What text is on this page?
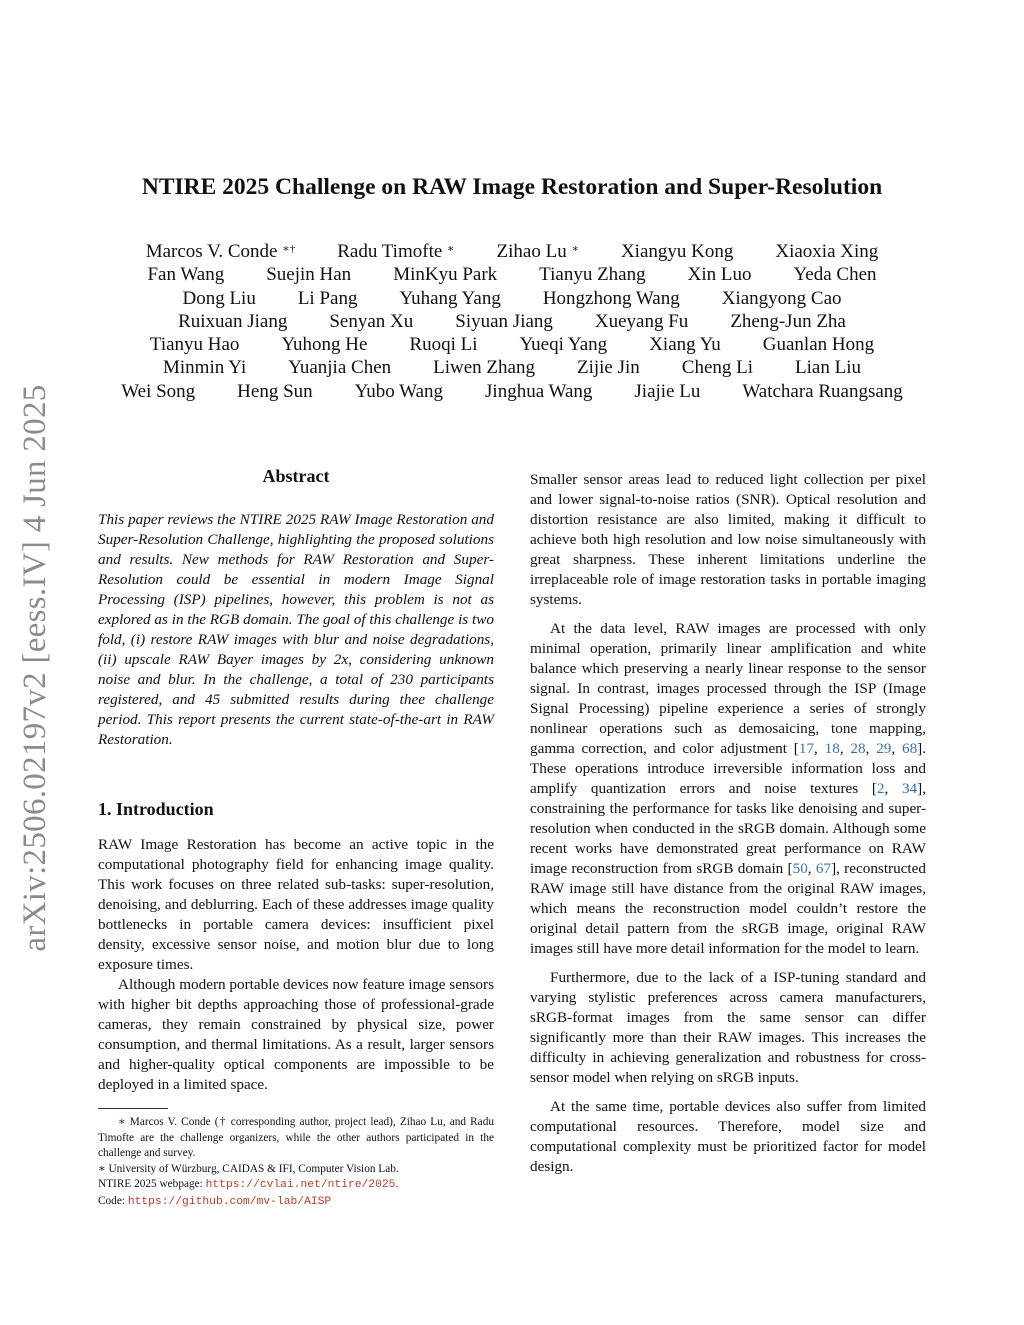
arXiv:2506.02197v2 [eess.IV] 4 Jun 2025
NTIRE 2025 Challenge on RAW Image Restoration and Super-Resolution
Marcos V. Conde ∗† Radu Timofte ∗ Zihao Lu ∗ Xiangyu Kong Xiaoxia Xing
Fan Wang Suejin Han MinKyu Park Tianyu Zhang Xin Luo Yeda Chen
Dong Liu Li Pang Yuhang Yang Hongzhong Wang Xiangyong Cao
Ruixuan Jiang Senyan Xu Siyuan Jiang Xueyang Fu Zheng-Jun Zha
Tianyu Hao Yuhong He Ruoqi Li Yueqi Yang Xiang Yu Guanlan Hong
Minmin Yi Yuanjia Chen Liwen Zhang Zijie Jin Cheng Li Lian Liu
Wei Song Heng Sun Yubo Wang Jinghua Wang Jiajie Lu Watchara Ruangsang
Abstract

This paper reviews the NTIRE 2025 RAW Image Restoration and Super-Resolution Challenge, highlighting the proposed solutions and results. New methods for RAW Restoration and Super-Resolution could be essential in modern Image Signal Processing (ISP) pipelines, however, this problem is not as explored as in the RGB domain. The goal of this challenge is two fold, (i) restore RAW images with blur and noise degradations, (ii) upscale RAW Bayer images by 2x, considering unknown noise and blur. In the challenge, a total of 230 participants registered, and 45 submitted results during thee challenge period. This report presents the current state-of-the-art in RAW Restoration.

1. Introduction

RAW Image Restoration has become an active topic in the computational photography field for enhancing image quality. This work focuses on three related sub-tasks: super-resolution, denoising, and deblurring. Each of these addresses image quality bottlenecks in portable camera devices: insufficient pixel density, excessive sensor noise, and motion blur due to long exposure times.

Although modern portable devices now feature image sensors with higher bit depths approaching those of professional-grade cameras, they remain constrained by physical size, power consumption, and thermal limitations. As a result, larger sensors and higher-quality optical components are impossible to be deployed in a limited space.

∗ Marcos V. Conde († corresponding author, project lead), Zihao Lu, and Radu Timofte are the challenge organizers, while the other authors participated in the challenge and survey.

∗ University of Würzburg, CAIDAS & IFI, Computer Vision Lab.

NTIRE 2025 webpage: https://cvlai.net/ntire/2025.

Code: https://github.com/mv-lab/AISP

Smaller sensor areas lead to reduced light collection per pixel and lower signal-to-noise ratios (SNR). Optical resolution and distortion resistance are also limited, making it difficult to achieve both high resolution and low noise simultaneously with great sharpness. These inherent limitations underline the irreplaceable role of image restoration tasks in portable imaging systems.

At the data level, RAW images are processed with only minimal operation, primarily linear amplification and white balance which preserving a nearly linear response to the sensor signal. In contrast, images processed through the ISP (Image Signal Processing) pipeline experience a series of strongly nonlinear operations such as demosaicing, tone mapping, gamma correction, and color adjustment [17, 18, 28, 29, 68]. These operations introduce irreversible information loss and amplify quantization errors and noise textures [2, 34], constraining the performance for tasks like denoising and super-resolution when conducted in the sRGB domain. Although some recent works have demonstrated great performance on RAW image reconstruction from sRGB domain [50, 67], reconstructed RAW image still have distance from the original RAW images, which means the reconstruction model couldn’t restore the original detail pattern from the sRGB image, original RAW images still have more detail information for the model to learn.

Furthermore, due to the lack of a ISP-tuning standard and varying stylistic preferences across camera manufacturers, sRGB-format images from the same sensor can differ significantly more than their RAW images. This increases the difficulty in achieving generalization and robustness for cross-sensor model when relying on sRGB inputs.

At the same time, portable devices also suffer from limited computational resources. Therefore, model size and computational complexity must be prioritized factor for model design.
